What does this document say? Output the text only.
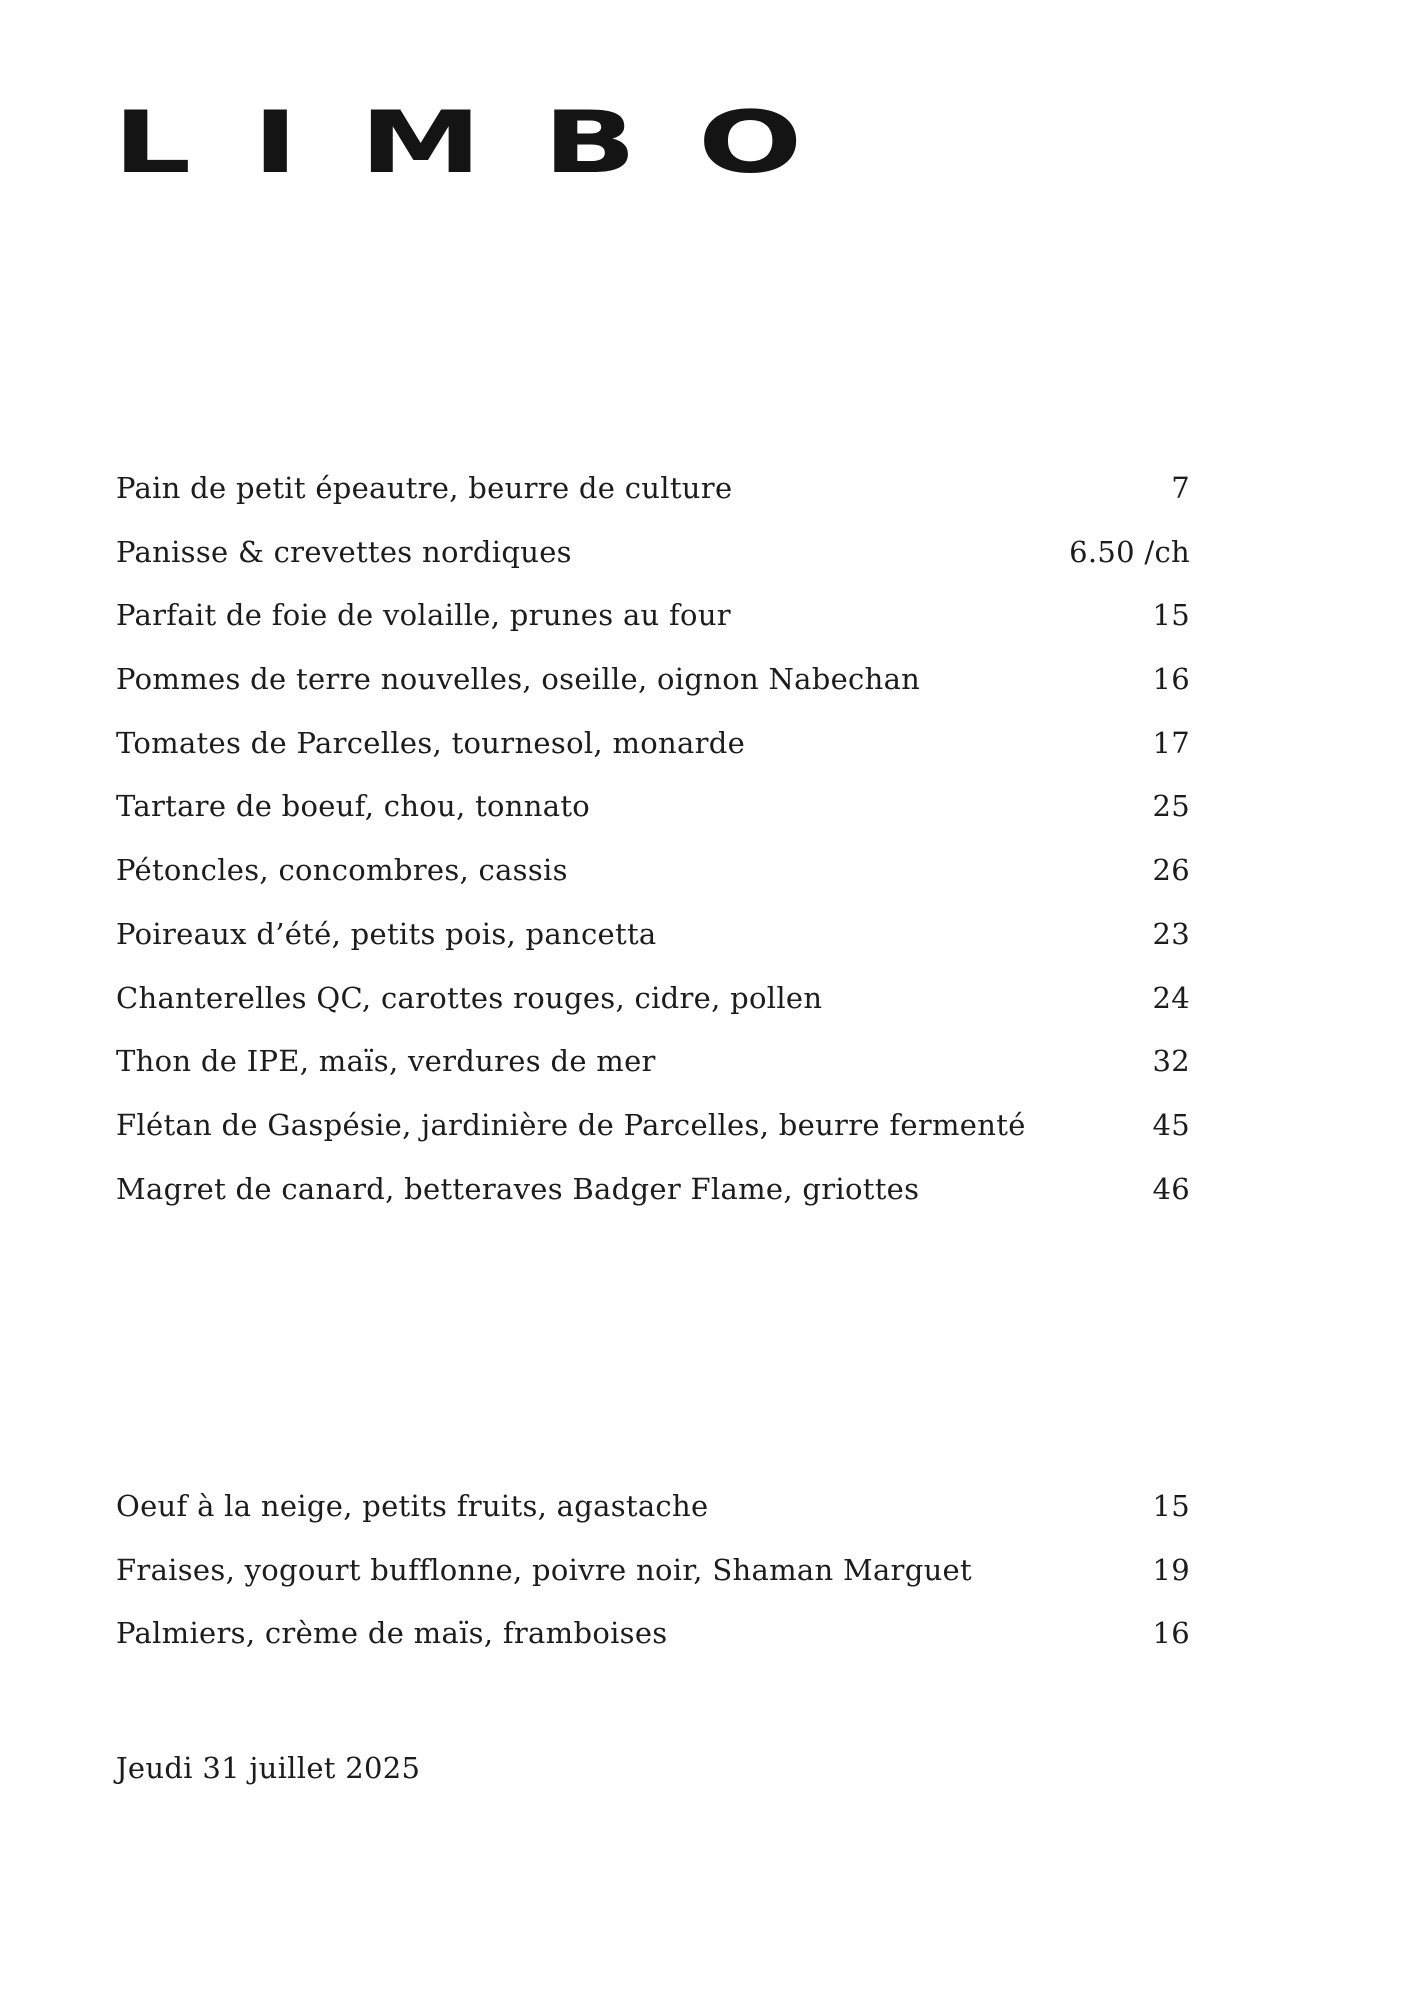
LIMBO
Pain de petit épeautre, beurre de culture	7
Panisse & crevettes nordiques	6.50 /ch
Parfait de foie de volaille, prunes au four	15
Pommes de terre nouvelles, oseille, oignon Nabechan	16
Tomates de Parcelles, tournesol, monarde	17
Tartare de boeuf, chou, tonnato	25
Pétoncles, concombres, cassis	26
Poireaux d’été, petits pois, pancetta	23
Chanterelles QC, carottes rouges, cidre, pollen	24
Thon de IPE, maïs, verdures de mer	32
Flétan de Gaspésie, jardinière de Parcelles, beurre fermenté	45
Magret de canard, betteraves Badger Flame, griottes	46
Oeuf à la neige, petits fruits, agastache	15
Fraises, yogourt bufflonne, poivre noir, Shaman Marguet	19
Palmiers, crème de maïs, framboises	16

Jeudi 31 juillet 2025
